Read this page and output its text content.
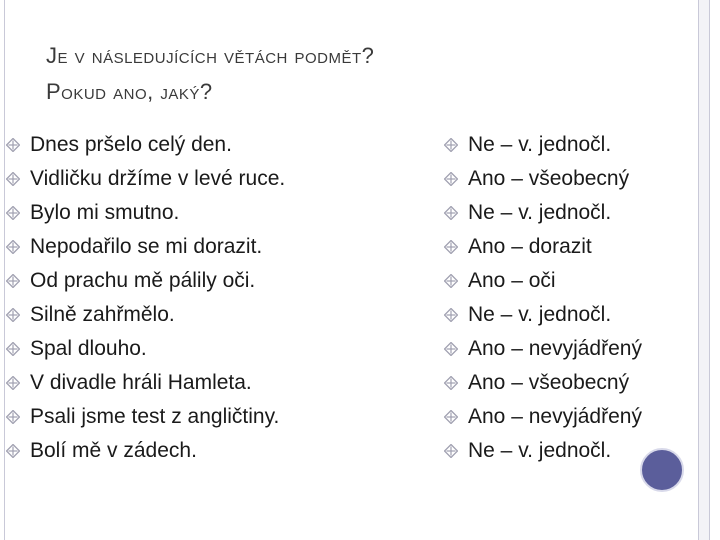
Je v následujících větách podmět?
Pokud ano, jaký?
Dnes pršelo celý den.
Vidličku držíme v levé ruce.
Bylo mi smutno.
Nepodařilo se mi dorazit.
Od prachu mě pálily oči.
Silně zahřmělo.
Spal dlouho.
V divadle hráli Hamleta.
Psali jsme test z angličtiny.
Bolí mě v zádech.
Ne – v. jednočl.
Ano – všeobecný
Ne – v. jednočl.
Ano – dorazit
Ano – oči
Ne – v. jednočl.
Ano – nevyjádřený
Ano – všeobecný
Ano – nevyjádřený
Ne – v. jednočl.
